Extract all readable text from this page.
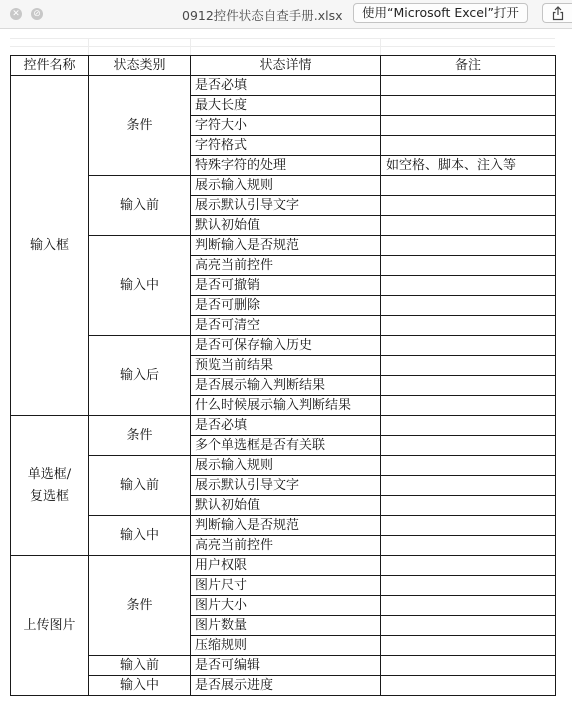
✕ ⊘	0912控件状态自查手册.xlsx	使用“Microsoft Excel”打开
控件名称	状态类别	状态详情	备注
输入框	条件	是否必填	
		最大长度	
		字符大小	
		字符格式	
		特殊字符的处理	如空格、脚本、注入等
	输入前	展示输入规则	
		展示默认引导文字	
		默认初始值	
	输入中	判断输入是否规范	
		高亮当前控件	
		是否可撤销	
		是否可删除	
		是否可清空	
	输入后	是否可保存输入历史	
		预览当前结果	
		是否展示输入判断结果	
		什么时候展示输入判断结果	

单选框/
复选框	条件	是否必填	
		多个单选框是否有关联	
	输入前	展示输入规则	
		展示默认引导文字	
		默认初始值	
	输入中	判断输入是否规范	
		高亮当前控件	
上传图片	条件	用户权限	
		图片尺寸	
		图片大小	
		图片数量	
		压缩规则	
	输入前	是否可编辑	
	输入中	是否展示进度	
